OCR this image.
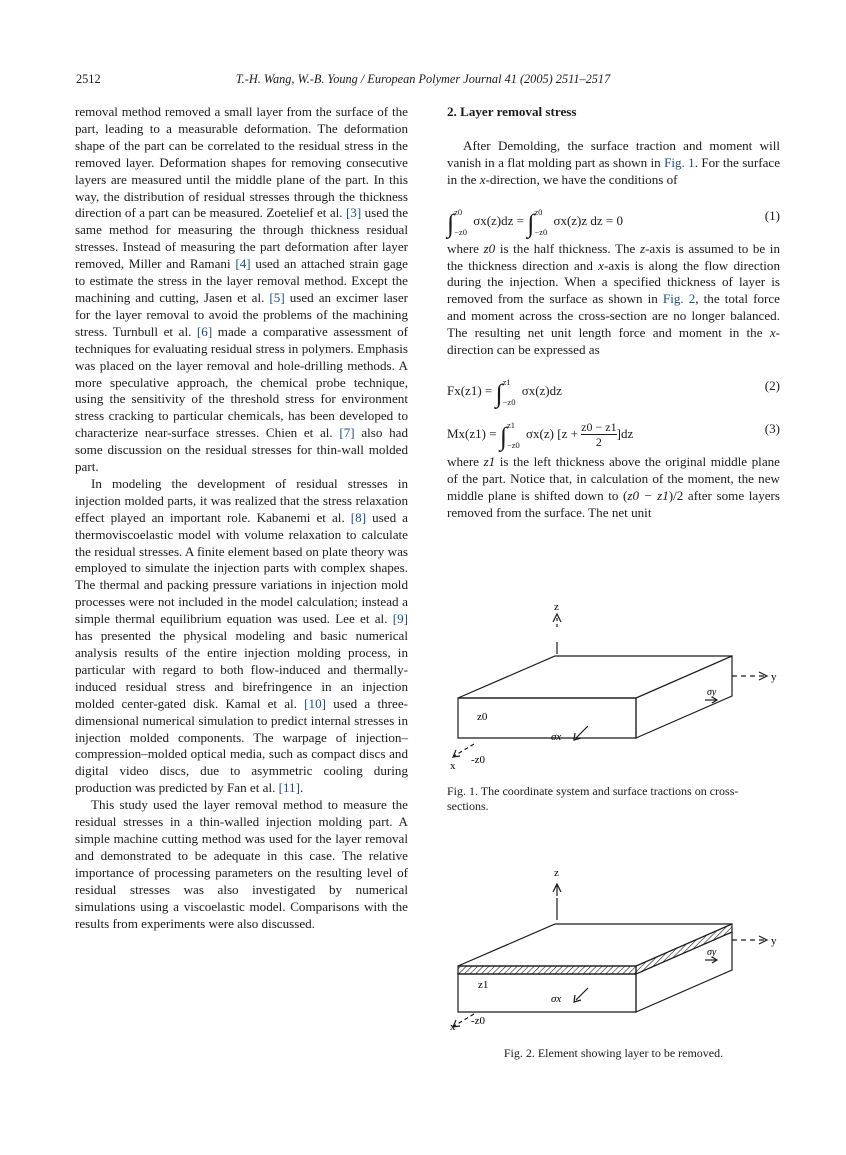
2512	T.-H. Wang, W.-B. Young / European Polymer Journal 41 (2005) 2511–2517

removal method removed a small layer from the surface of the part, leading to a measurable deformation. The deformation shape of the part can be correlated to the residual stress in the removed layer. Deformation shapes for removing consecutive layers are measured until the middle plane of the part. In this way, the distribution of residual stresses through the thickness direction of a part can be measured. Zoetelief et al. [3] used the same method for measuring the through thickness residual stresses. Instead of measuring the part deformation after layer removed, Miller and Ramani [4] used an attached strain gage to estimate the stress in the layer removal method. Except the machining and cutting, Jasen et al. [5] used an excimer laser for the layer removal to avoid the problems of the machining stress. Turnbull et al. [6] made a comparative assessment of techniques for evaluating residual stress in polymers. Emphasis was placed on the layer removal and hole-drilling methods. A more speculative approach, the chemical probe technique, using the sensitivity of the threshold stress for environment stress cracking to particular chemicals, has been developed to characterize near-surface stresses. Chien et al. [7] also had some discussion on the residual stresses for thin-wall molded part.

In modeling the development of residual stresses in injection molded parts, it was realized that the stress relaxation effect played an important role. Kabanemi et al. [8] used a thermoviscoelastic model with volume relaxation to calculate the residual stresses. A finite element based on plate theory was employed to simulate the injection parts with complex shapes. The thermal and packing pressure variations in injection mold processes were not included in the model calculation; instead a simple thermal equilibrium equation was used. Lee et al. [9] has presented the physical modeling and basic numerical analysis results of the entire injection molding process, in particular with regard to both flow-induced and thermally-induced residual stress and birefringence in an injection molded center-gated disk. Kamal et al. [10] used a three-dimensional numerical simulation to predict internal stresses in injection molded components. The warpage of injection–compression–molded optical media, such as compact discs and digital video discs, due to asymmetric cooling during production was predicted by Fan et al. [11].

This study used the layer removal method to measure the residual stresses in a thin-walled injection molding part. A simple machine cutting method was used for the layer removal and demonstrated to be adequate in this case. The relative importance of processing parameters on the resulting level of residual stresses was also investigated by numerical simulations using a viscoelastic model. Comparisons with the results from experiments were also discussed.

2. Layer removal stress

After Demolding, the surface traction and moment will vanish in a flat molding part as shown in Fig. 1. For the surface in the x-direction, we have the conditions of

∫ z0
−z0
σx(z)dz = ∫ z0
−z0
σx(z)z dz = 0	(1)

where z0 is the half thickness. The z-axis is assumed to be in the thickness direction and x-axis is along the flow direction during the injection. When a specified thickness of layer is removed from the surface as shown in Fig. 2, the total force and moment across the cross-section are no longer balanced. The resulting net unit length force and moment in the x-direction can be expressed as

Fx(z1) = ∫ z1
−z0
σx(z)dz	(2)
Mx(z1) = ∫ z1
−z0
σx(z) $[z + \frac{z0 - z1}{2} ]dz$	(3)

where z1 is the left thickness above the original middle plane of the part. Notice that, in calculation of the moment, the new middle plane is shifted down to (z0 − z1)/2 after some layers removed from the surface. The net unit

z
y
x
z0
-z0
σx
σy
Fig. 1. The coordinate system and surface tractions on cross-sections.
z
y
x
z1
-z0
σx
σy
Fig. 2. Element showing layer to be removed.
